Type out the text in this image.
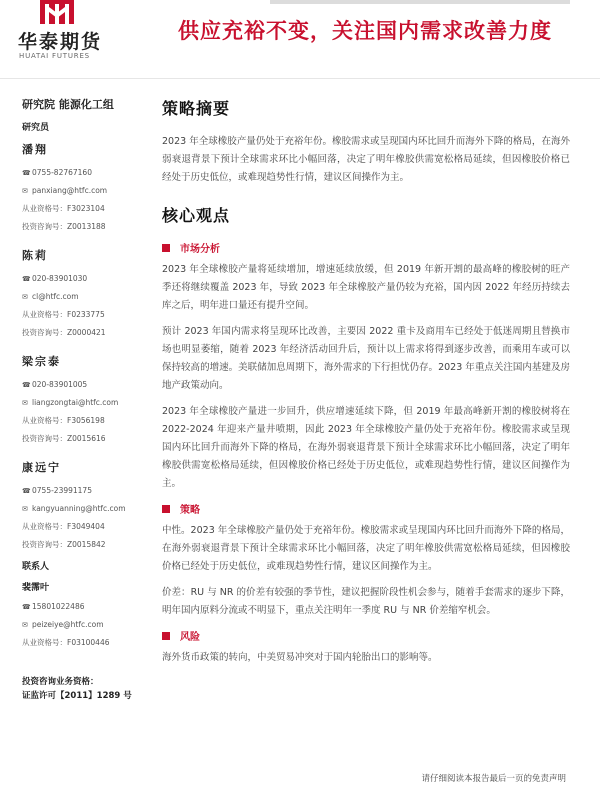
华泰期货
HUATAI FUTURES
供应充裕不变，关注国内需求改善力度
研究院 能源化工组
研究员
潘翔
☎0755-82767160
✉ panxiang@htfc.com
从业资格号：F3023104
投资咨询号：Z0013188
陈莉
☎020-83901030
✉ cl@htfc.com
从业资格号：F0233775
投资咨询号：Z0000421
梁宗泰
☎020-83901005
✉ liangzongtai@htfc.com
从业资格号：F3056198
投资咨询号：Z0015616
康远宁
☎0755-23991175
✉ kangyuanning@htfc.com
从业资格号：F3049404
投资咨询号：Z0015842
联系人
裴霈叶
☎15801022486
✉ peizeiye@htfc.com
从业资格号：F03100446
投资咨询业务资格：
证监许可【2011】1289 号
策略摘要

2023 年全球橡胶产量仍处于充裕年份。橡胶需求或呈现国内环比回升而海外下降的格局，在海外弱衰退背景下预计全球需求环比小幅回落，决定了明年橡胶供需宽松格局延续，但因橡胶价格已经处于历史低位，或难现趋势性行情，建议区间操作为主。

核心观点
市场分析

2023 年全球橡胶产量将延续增加，增速延续放缓，但 2019 年新开割的最高峰的橡胶树的旺产季还将继续覆盖 2023 年，导致 2023 年全球橡胶产量仍较为充裕，国内因 2022 年经历持续去库之后，明年进口量还有提升空间。

预计 2023 年国内需求将呈现环比改善，主要因 2022 重卡及商用车已经处于低迷周期且替换市场也明显萎缩，随着 2023 年经济活动回升后，预计以上需求将得到逐步改善，而乘用车或可以保持较高的增速。美联储加息周期下，海外需求的下行担忧仍存。2023 年重点关注国内基建及房地产政策动向。

2023 年全球橡胶产量进一步回升，供应增速延续下降，但 2019 年最高峰新开割的橡胶树将在 2022-2024 年迎来产量井喷期，因此 2023 年全球橡胶产量仍处于充裕年份。橡胶需求或呈现国内环比回升而海外下降的格局，在海外弱衰退背景下预计全球需求环比小幅回落，决定了明年橡胶供需宽松格局延续，但因橡胶价格已经处于历史低位，或难现趋势性行情，建议区间操作为主。

策略

中性。2023 年全球橡胶产量仍处于充裕年份。橡胶需求或呈现国内环比回升而海外下降的格局，在海外弱衰退背景下预计全球需求环比小幅回落，决定了明年橡胶供需宽松格局延续，但因橡胶价格已经处于历史低位，或难现趋势性行情，建议区间操作为主。

价差：RU 与 NR 的价差有较强的季节性，建议把握阶段性机会参与，随着手套需求的逐步下降，明年国内原料分流或不明显下，重点关注明年一季度 RU 与 NR 价差缩窄机会。

风险

海外货币政策的转向，中美贸易冲突对于国内轮胎出口的影响等。

请仔细阅读本报告最后一页的免责声明
